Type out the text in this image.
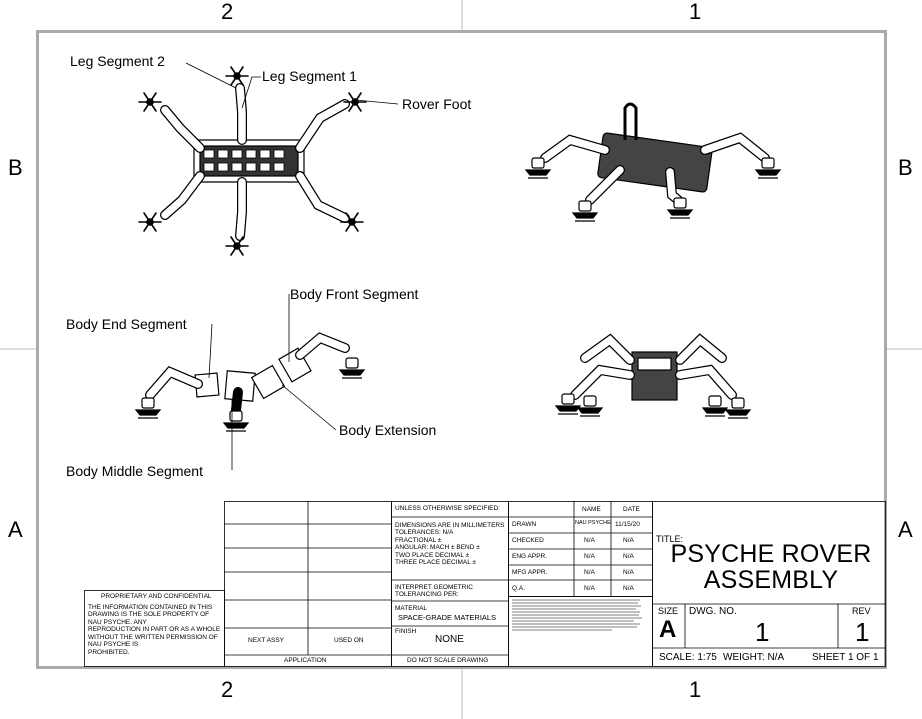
2	1
2	1
B
A
B
A
Leg Segment 2
Leg Segment 1
Rover Foot
Body Front Segment
Body End Segment
Body Extension
Body Middle Segment
PROPRIETARY AND CONFIDENTIAL
THE INFORMATION CONTAINED IN THIS
DRAWING IS THE SOLE PROPERTY OF
NAU PSYCHE. ANY
REPRODUCTION IN PART OR AS A WHOLE
WITHOUT THE WRITTEN PERMISSION OF
NAU PSYCHE IS
PROHIBITED.
NEXT ASSY	USED ON
APPLICATION
UNLESS OTHERWISE SPECIFIED:
DIMENSIONS ARE IN MILLIMETERS
TOLERANCES: N/A
FRACTIONAL ±
ANGULAR: MACH ± BEND ±
TWO PLACE DECIMAL ±
THREE PLACE DECIMAL ±
INTERPRET GEOMETRIC
TOLERANCING PER:
MATERIAL
SPACE-GRADE MATERIALS
FINISH
NONE
DO NOT SCALE DRAWING
NAME	DATE
DRAWN	NAU PSYCHE 11/15/20
CHECKED	N/A	N/A
ENG APPR.	N/A	N/A
MFG APPR.	N/A	N/A
Q.A.	N/A	N/A
TITLE:
PSYCHE ROVER
ASSEMBLY
SIZE
A
DWG. NO.
1
REV
1
SCALE: 1:75 WEIGHT: N/A	SHEET 1 OF 1
